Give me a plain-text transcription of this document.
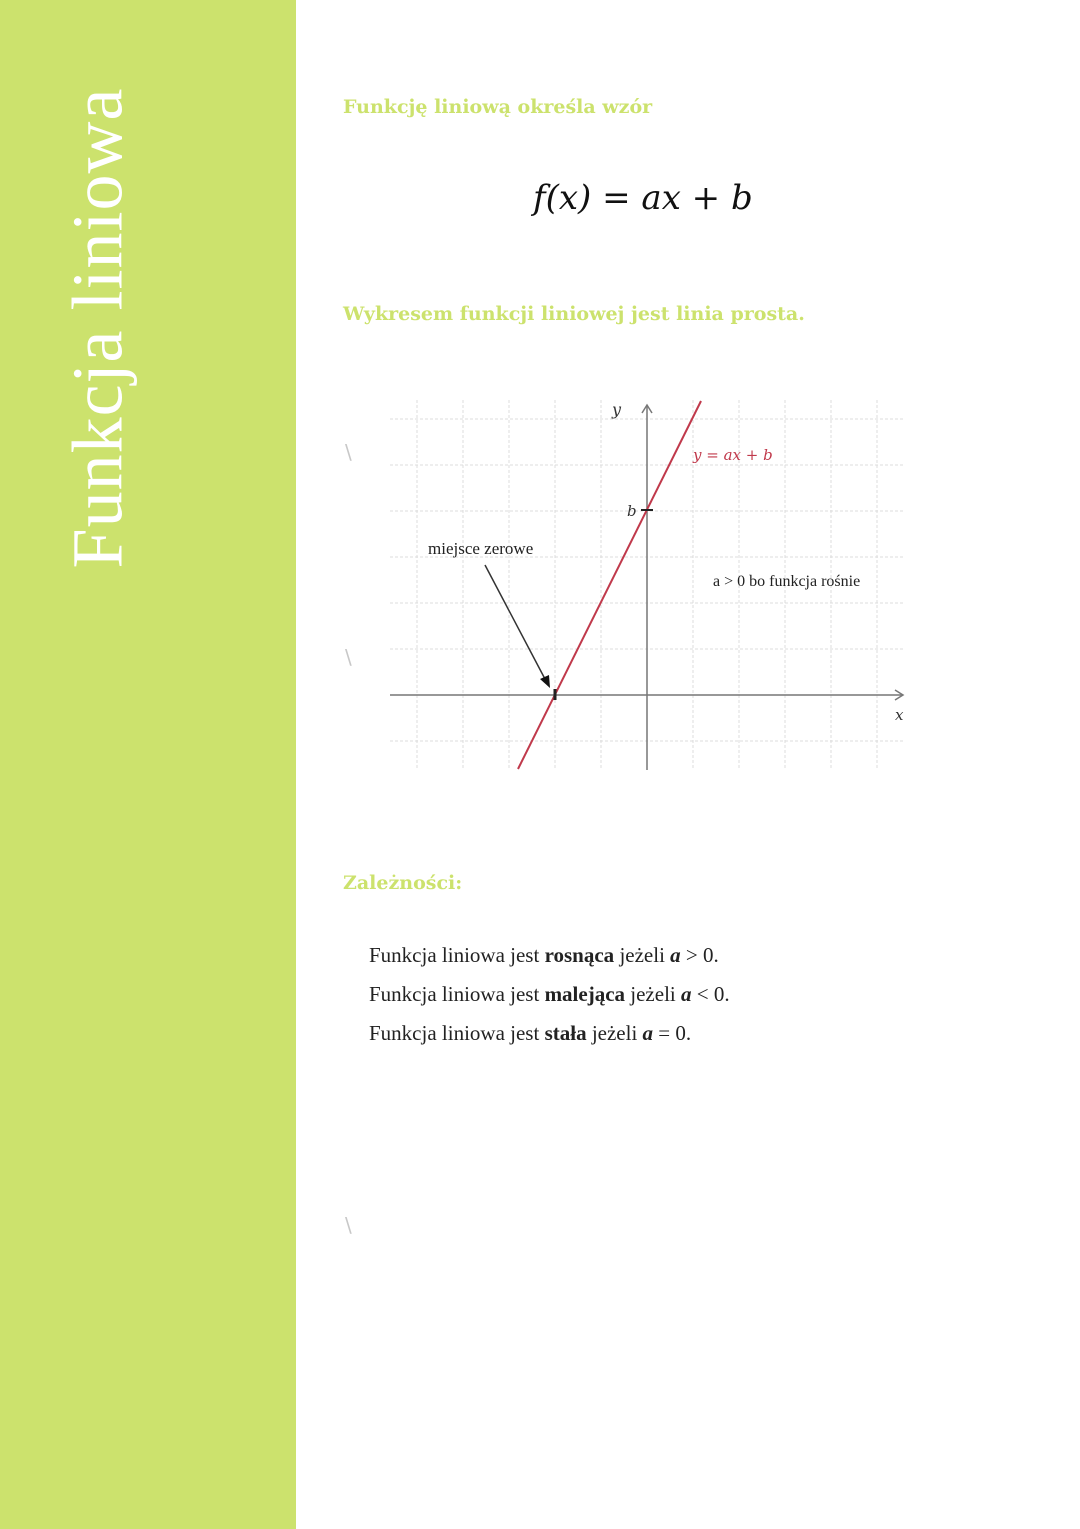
Funkcja liniowa	Funkcję liniową określa wzór
f(x) = ax + b
Wykresem funkcji liniowej jest linia prosta.
\
\
\
y
x
b
y = ax + b
miejsce zerowe
a > 0 bo funkcja rośnie
Zależności:
Funkcja liniowa jest rosnąca jeżeli a > 0.
Funkcja liniowa jest malejąca jeżeli a < 0.
Funkcja liniowa jest stała jeżeli a = 0.
